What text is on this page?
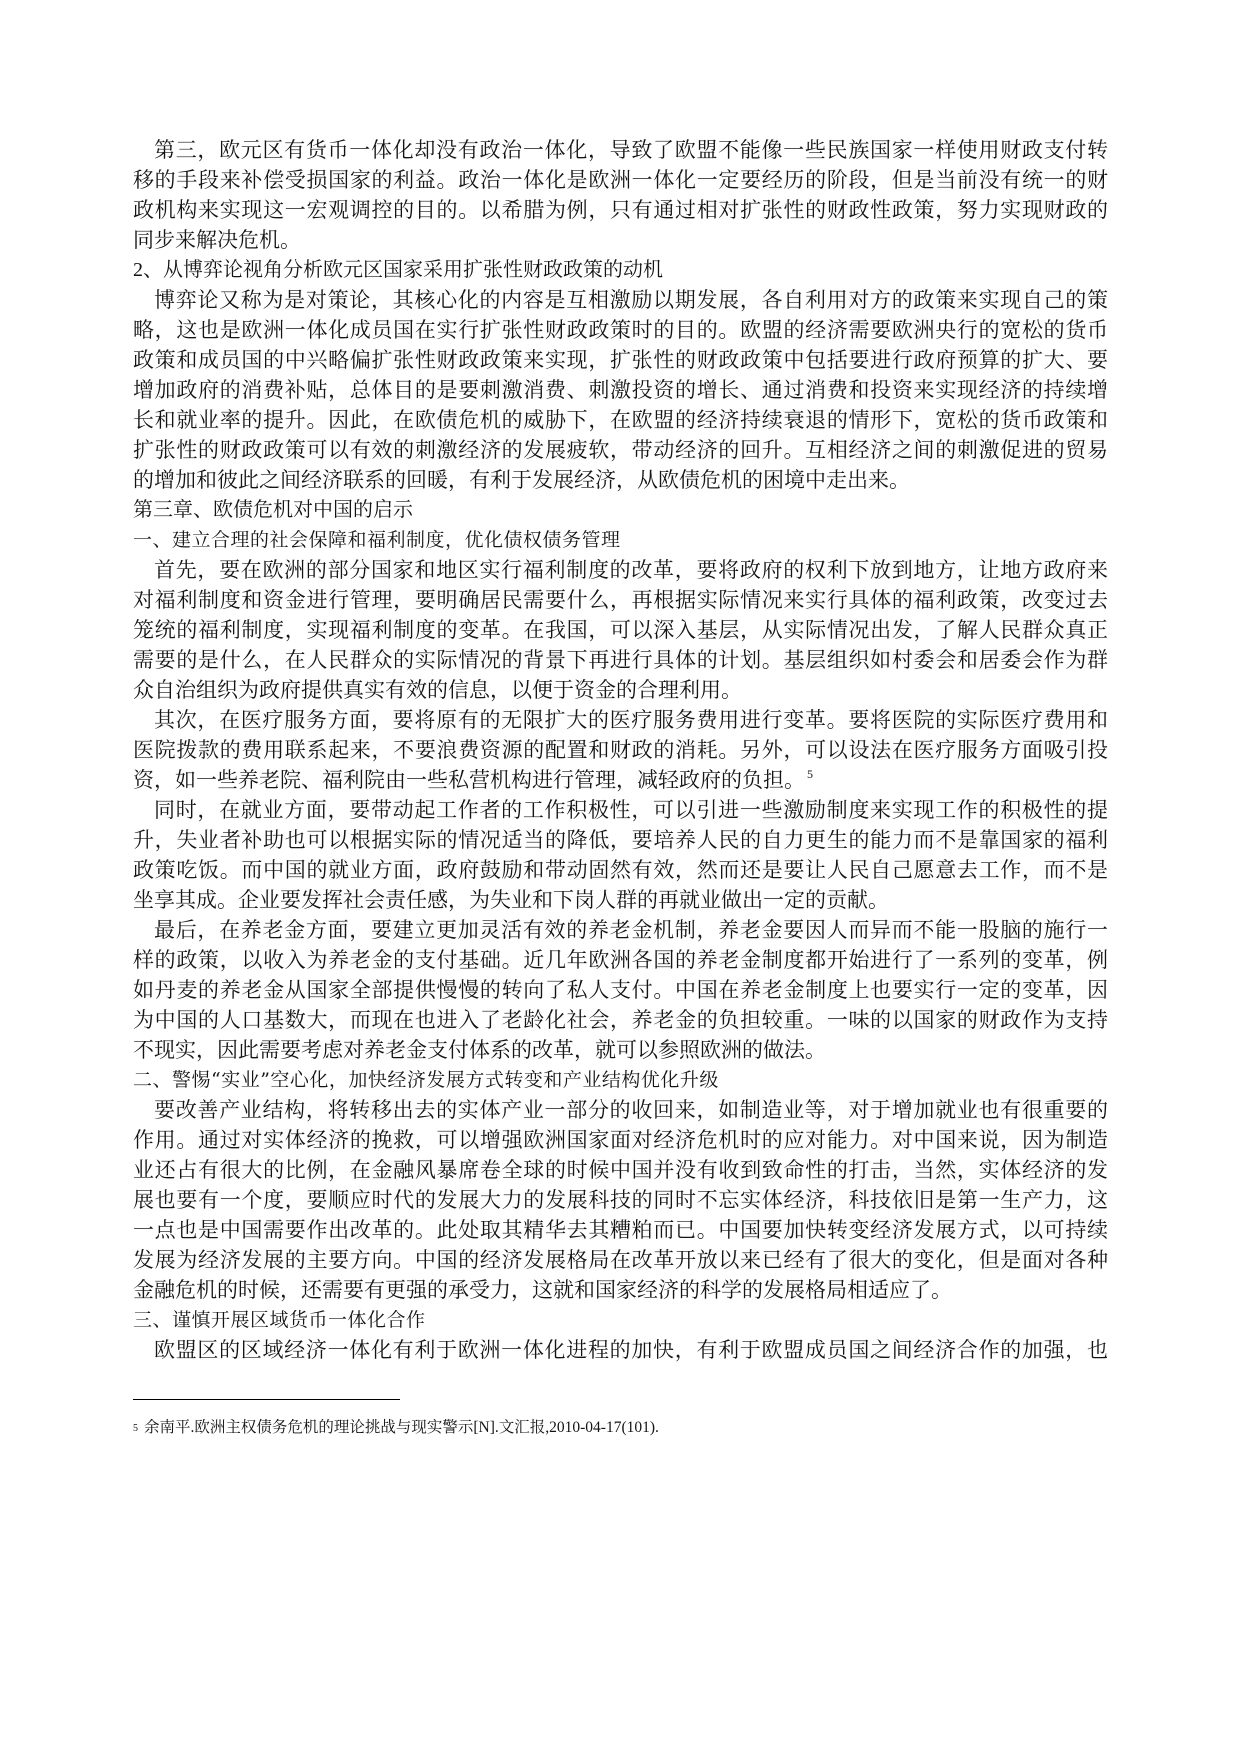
第三，欧元区有货币一体化却没有政治一体化，导致了欧盟不能像一些民族国家一样使用财政支付转
移的手段来补偿受损国家的利益。政治一体化是欧洲一体化一定要经历的阶段，但是当前没有统一的财
政机构来实现这一宏观调控的目的。以希腊为例，只有通过相对扩张性的财政性政策，努力实现财政的
同步来解决危机。
2、从博弈论视角分析欧元区国家采用扩张性财政政策的动机
博弈论又称为是对策论，其核心化的内容是互相激励以期发展，各自利用对方的政策来实现自己的策
略，这也是欧洲一体化成员国在实行扩张性财政政策时的目的。欧盟的经济需要欧洲央行的宽松的货币
政策和成员国的中兴略偏扩张性财政政策来实现，扩张性的财政政策中包括要进行政府预算的扩大、要
增加政府的消费补贴，总体目的是要刺激消费、刺激投资的增长、通过消费和投资来实现经济的持续增
长和就业率的提升。因此，在欧债危机的威胁下，在欧盟的经济持续衰退的情形下，宽松的货币政策和
扩张性的财政政策可以有效的刺激经济的发展疲软，带动经济的回升。互相经济之间的刺激促进的贸易
的增加和彼此之间经济联系的回暖，有利于发展经济，从欧债危机的困境中走出来。
第三章、欧债危机对中国的启示
一、建立合理的社会保障和福利制度，优化债权债务管理
首先，要在欧洲的部分国家和地区实行福利制度的改革，要将政府的权利下放到地方，让地方政府来
对福利制度和资金进行管理，要明确居民需要什么，再根据实际情况来实行具体的福利政策，改变过去
笼统的福利制度，实现福利制度的变革。在我国，可以深入基层，从实际情况出发，了解人民群众真正
需要的是什么，在人民群众的实际情况的背景下再进行具体的计划。基层组织如村委会和居委会作为群
众自治组织为政府提供真实有效的信息，以便于资金的合理利用。
其次，在医疗服务方面，要将原有的无限扩大的医疗服务费用进行变革。要将医院的实际医疗费用和
医院拨款的费用联系起来，不要浪费资源的配置和财政的消耗。另外，可以设法在医疗服务方面吸引投
资，如一些养老院、福利院由一些私营机构进行管理，减轻政府的负担。 $^5$
同时，在就业方面，要带动起工作者的工作积极性，可以引进一些激励制度来实现工作的积极性的提
升，失业者补助也可以根据实际的情况适当的降低，要培养人民的自力更生的能力而不是靠国家的福利
政策吃饭。而中国的就业方面，政府鼓励和带动固然有效，然而还是要让人民自己愿意去工作，而不是
坐享其成。企业要发挥社会责任感，为失业和下岗人群的再就业做出一定的贡献。
最后，在养老金方面，要建立更加灵活有效的养老金机制，养老金要因人而异而不能一股脑的施行一
样的政策，以收入为养老金的支付基础。近几年欧洲各国的养老金制度都开始进行了一系列的变革，例
如丹麦的养老金从国家全部提供慢慢的转向了私人支付。中国在养老金制度上也要实行一定的变革，因
为中国的人口基数大，而现在也进入了老龄化社会，养老金的负担较重。一味的以国家的财政作为支持
不现实，因此需要考虑对养老金支付体系的改革，就可以参照欧洲的做法。
二、警惕“实业”空心化，加快经济发展方式转变和产业结构优化升级
要改善产业结构，将转移出去的实体产业一部分的收回来，如制造业等，对于增加就业也有很重要的
作用。通过对实体经济的挽救，可以增强欧洲国家面对经济危机时的应对能力。对中国来说，因为制造
业还占有很大的比例，在金融风暴席卷全球的时候中国并没有收到致命性的打击，当然，实体经济的发
展也要有一个度，要顺应时代的发展大力的发展科技的同时不忘实体经济，科技依旧是第一生产力，这
一点也是中国需要作出改革的。此处取其精华去其糟粕而已。中国要加快转变经济发展方式，以可持续
发展为经济发展的主要方向。中国的经济发展格局在改革开放以来已经有了很大的变化，但是面对各种
金融危机的时候，还需要有更强的承受力，这就和国家经济的科学的发展格局相适应了。
三、谨慎开展区域货币一体化合作
欧盟区的区域经济一体化有利于欧洲一体化进程的加快，有利于欧盟成员国之间经济合作的加强，也
$^5$ 余南平.欧洲主权债务危机的理论挑战与现实警示[N].文汇报,2010-04-17(101).
